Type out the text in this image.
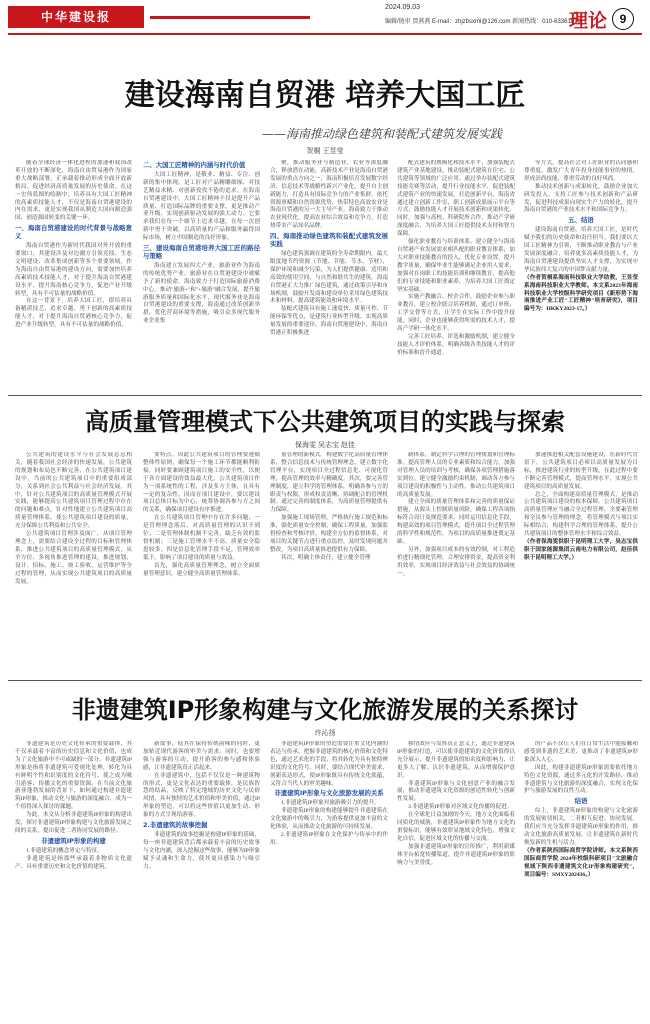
中华建设报
2024.09.03
编辑/链审 贾燕燕 E-mail：zhjzbsxml@126.com 新闻热线：010-63361819
理论	9
建设海南自贸港 培养大国工匠
——海南推动绿色建筑和装配式建筑发展实践
贺桐 王昱莹

随着全球经济一体化进程的加速和我国改革开放的不断深化，海南自由贸易港作为国家重大战略部署，正承载着推动形成全面开放新格局、促进经济高质量发展的历史使命。在这一宏伟蓝图的绘制中，培养具有大国工匠精神的高素质技能人才，不仅是海南自贸港建设的内在需求，更是实现我国从制造大国向制造强国、创造强国转变的关键一环。

一、海南自贸港建设的时代背景与战略意义

海南自贸港作为新时代我国对外开放的重要窗口，其建设涉及对边疆方引领竞技、生态文明建设、改革集成创新等多个重要领域。作为海南自由贸易港的建设方向，需要加快培养高素质技术技能人才，对于提升海南自贸港建设水平、提升海南核心竞争力，促进产业升级转型，具有不可估量的战略价值。

在这一背景下，培养大国工匠，即培养具备精湛技艺、追求卓越、勇于创新的高素质技能人才，对于提升海南自贸港核心竞争力，促进产业升级转型，具有不可估量的战略价值。

二、大国工匠精神的内涵与时代价值

大国工匠精神，是敬业、精益、专注、创新的集中体现，是工匠对产品精雕细琢、对技艺精益求精、对创新孜孜不倦的追求。在海南自贸港建设中，大国工匠精神不仅是提升产品质量、打造国际品牌的重要支撑，更是推动产业升级、实现创新驱动发展的强大动力。它要求我们在每一个细节上追求卓越，在每一次创新中勇于突破，以高质量的产品和服务赢得国际市场，树立中国制造的良好形象。

三、建设海南自贸港培养大国工匠的路径与策略

海南建立发展四大产业，旅游业作为海南的传统优势产业，旅游业在自贸港建设中被赋予了新的使命。海南致力于打造国际旅游消费中心，推动"旅游+"和"+旅游"融合发展，提升旅游服务质量和国际化水平，现代服务业是海南自贸港建设的重要支撑，海南通过改革创新举措，优化营商环境等措施，吸引众多现代服务业企业集

聚，推动服务业与制造业、农业等深度融合，释放潜在动能。高新技术产业是海南自贸港发展的重点方向之一，海南积极培育发展数字经济、信息技术等战略性新兴产业化，提升自主创新能力，打造具有国际竞争力的产业集群。依托资源禀赋和自然资源优势，热带特色高效农业是海南自贸港的另一大主导产业。海南致力于推动农业现代化，提高农业综合效益和竞争力，打造热带农产品知名品牌。

四、海南推动绿色建筑和装配式建筑发展实践

绿色建筑强调在建筑的全寿命期限内，最大限度地节约资源（节地、节能、节水、节材），保护环境和减少污染，为人们提供健康、适用和高效的使用空间，与自然和谐共生的建筑。海南自贸港正大力推广绿色建筑，通过政策引导和市场机制，鼓励开发商和建设单位采用绿色建筑技术和材料，提高建筑能效和环境水平。

装配式建筑具有施工速度快、质量可控、节能环保等优点，是建筑行业转型升级、实现高质量发展的重要途径。海南自贸港建设中，海南自贸港正积极推进

配式建筑的规模化和技术水平，加强装配式建筑产业基地建设，推动装配式建筑在住宅、公共建筑等领域的广泛应用。通过举办装配式建筑技能竞赛等活动，提升行业技能水平，促进装配式建筑产业的快速发展。打造创新平台，海南省通过建立创新工作室，职工创新成果展示平台等方式，鼓励技能人才开展技术创新和成果转化，同时，加强与高校、科研院所合作，推动产学研深度融合，为培养大国工匠提供技术支持和智力保障。

强化职业教育与培训体系。建立健全与海南自贸港产业发展需求相匹配的职业教育体系，加大对职业技能教育的投入，优化专业设置，提升教学质量，确保毕业生能够满足企业用人需求，加强对在岗职工的技能培训和继续教育，提高他们的专业技能和职业素养，为培养大国工匠奠定坚实基础。

实施产教融合、校企合作，鼓励企业参与职业教育，建立校企联合培养机制，通过订单班、工学交替等方式，让学生在实际工作中提升技能，同时，企业也能够获得所需的技术人才，提高产学研一体化水平。

完善工匠培养、评选和激励机制，建立健全技能人才评价体系，明确各级各类技能人才的评价标准和晋升通道。

等方式，提高社会对工匠职业的认同感和尊重度，激发广大青年投身技能事业的热情，形成崇尚技能、尊重劳动的良好风尚。

推动技术创新与成果转化，鼓励企业加大研发投入，支持工匠参与技术创新和产品研发，促进科技成果向现实生产力的转化，提升海南自贸港的产业技术水平和国际竞争力。

五、结语

建设海南自贸港，培养大国工匠，是时代赋予我们的历史使命和责任担当。我们要以大国工匠精神为引领，不断推动职业教育与产业发展深度融合，培养更多高素质技能人才，为海南自贸港建设提供坚实人才支撑，为实现中华民族伟大复兴的中国梦贡献力量。

（作者贺桐系海南科技职业大学助教，王昱莹系海南科技职业大学教师。本文系2023年海南科技职业大学校级科学研究项目《新形势下海南推进产业工匠"工匠精神"培育研究》，项目编号为：HKKY2023-17。）

高质量管理模式下公共建筑项目的实践与探索
保海雯 吴志宝 赵佳

公共建筑的建设水平与社会发展息息相关，随着我国社会经济的快速发展，公共建筑的规划和布局也不断完善，在公共建筑项目建设中，当前的公共建筑项目中的重要组成部分，关系到社会公共利益与社会经济发展。其中，针对公共建筑项目的高质量管理模式开展实践，能够提高公共建筑项目管理过程中存在的问题和难点，针对性地建立公共建筑项目高质量管理体系，使公共建筑项目建设的质量，充分保障公共利益和公共安全。

公共建筑项目管理涉及面广，从项目管理理念上，需要结合建设全过程的目标和管理体系，推进公共建筑项目的高质量管理模式，从全方位、多视角推进管理的建设，推进规划、设计、招标、施工、竣工验收、运营维护等全过程的管理，从而实现公共建筑项目的高质量发展。

要特点。因此公共建筑项目的管理要遵循整体性原则，确保每一个施工环节都能顺利衔接，同时要兼顾建筑项目施工的安全性，以便于各方面建设的效益最大化。公共建筑项目作为一项系统性的工程，涉及多方主体，且具有一定的复杂性，因而在项目建设中，要以建设项目总体目标为中心，统筹协调各参与方之间的关系，确保项目建设有序推进。

在公共建筑项目管理中存在许多问题，一是管理理念落后，对高质量管理的认识不到位；二是管理体制机制不完善，缺乏有效的监督机制；三是施工管理水平不高，质量安全隐患较多；四是信息化管理手段不足，管理效率低下，影响了项目建设的质量与效益。

首先，强化高质量管理理念，树立全面质量管理意识，建立健全高质量管理体系。

量管理的新模式。构建数字化高质量管理体系，整合信息技术与传统管理理念，建立数字化管理平台，实现项目全过程信息化、可视化管理，提高管理的效率与精确度。其次，要完善管理制度，建立科学的管理体系，明确各参与方的职责与权限，形成权责清晰、协调配合的管理机制。通过完善的制度体系，为高质量管理提供有力保障。

加强施工现场管理，严格执行施工规范和标准，强化质量安全控制，确保工程质量。加强监督检查和考核评价，构建全方位的监督体系，对项目的关键节点进行重点监控，及时发现问题并整改，为项目高质量推进提供有力保障。

其次，明确主体责任，建立健全管理

制体系。制定科学合理的管理规划和管理标准。提高管理人员的专业素质和综合能力，加强对管理人员的培训与考核，确保各项管理措施落实到位。建立健全激励约束机制，调动各方参与项目建设的积极性与主动性，推动公共建筑项目的高质量发展。

建立全面的质量管理体系和完善的质量保证措施，从源头上控制质量风险，确保工程各项指标符合设计及规范要求。同时运用信息化手段，构建高效的项目管理模式，提升项目全过程管理的科学性和规范性，为项目的高质量推进奠定基础。

另外，加强项目成本的有效控制，对工程造价进行精细化管理，合理安排资金，提高资金利用效率，实现项目经济效益与社会效益的协调统一。

加速推进相关配套设施建设，在新时代背景下，公共建筑项目必须以高质量发展为目标，推进建筑行业的转型升级，在此过程中要不断完善管理模式，提高管理水平，实现公共建筑项目的高质量发展。

总之，全面构建高质量管理模式，是推动公共建筑项目建设的根本保障。公共建筑项目高质量管理应当融合全过程管理、全要素管理和全员参与管理的理念，将管理模式与项目实际相结合，构建科学合理的管理体系，提升公共建筑项目的整体管理水平和综合效益。

（作者保海雯供职于昆明理工大学，吴志宝供职于国家能源集团云南电力有限公司，赵佳供职于昆明理工大学。）

非遗建筑IP形象构建与文化旅游发展的关系探讨
许沁扬

非遗建筑是历史文化传承的重要载体，其不仅承载着丰富的历史信息和文化价值，也成为了文化旅游中不可或缺的一部分。非遗建筑IP形象是指将非遗建筑可爱视化处理，转化为具有鲜明个性和识别度的文化符号，使之成为吸引游客、传播文化的重要资源。在当前文化旅游业蓬勃发展的背景下，如何通过构建非遗建筑IP形象，推动文化与旅游的深度融合，成为一个值得深入探讨的课题。

为此，本文从分析非遗建筑IP形象的构建出发，探讨非遗建筑IP形象构建与文化旅游发展之间的关系，提出促进二者协同发展的路径。

非遗建筑IP形象的构建

1.非遗建筑的概念界定与特征。

非遗建筑是指那些承载着非物质文化遗产、具有重要历史和文化价值的建筑。

新故事，使其在保持传统韵味的同时，更加贴近现代游客的审美与需求。同时，也要增强与游客的互动，提升游客的参与感和体验感，让非遗建筑真正活起来。

在非遗建筑中，包括不仅仅是一种建筑物的形式，更是文化表达的重要载体，是民族智慧的结晶，反映了特定地域的历史文化与民俗风情，具有独特的艺术价值和审美价值，通过IP形象的塑造，可以将这些价值以更加生动、形象的方式呈现给游客。

2.非遗建筑的故事挖掘

非遗建筑的故事挖掘是构建IP形象的基础，每一座非遗建筑背后都承载着丰富的历史故事与文化内涵，深入挖掘这些故事，能够为IP形象赋予灵魂和生命力，使其更具感染力与吸引力。

非遗建筑IP形象的塑造需要注重文化内涵的表达与传承，把握非遗建筑的核心价值和文化特色，通过艺术化的手段，将其转化为具有独特辨识度的文化符号。同时，要结合现代审美需求，创新表达形式，使IP形象既具有传统文化底蕴，又符合当代人的审美趣味。

非遗建筑IP形象与文化旅游发展的关系

1.非遗建筑IP形象对旅游吸引力的提升。

非遗建筑IP形象的构建能够提升非遗建筑在文化旅游中的吸引力，为游客提供更加丰富的文化体验，从而推动文化旅游的可持续发展。

2.非遗建筑IP形象在文化保护与传承中的作用。

移情效应与发挥真正意义上，通过非遗建筑IP形象的打造，可以使非遗建筑的文化价值得以充分展示，提升非遗建筑的知名度和影响力，让更多人了解、认识非遗建筑，从而增强保护意识。

非遗建筑IP形象与文化创意产业的融合发展，推动非遗建筑文化资源的创造性转化与创新性发展。

3.非遗建筑IP形象对区域文化传播的促进。

在全球化日益加剧的今天，地方文化面临着同质化的威胁，非遗建筑IP形象作为地方文化的重要标识，能够有效彰显地域文化特色，增强文化自信，促进区域文化的传播与交流。

加强非遗建筑IP形象的宣传推广，利用新媒体平台拓宽传播渠道，提升非遗建筑IP形象的影响力与美誉度。

的产品不仅让人们在日常生活中能接触和感受到非遗的艺术美，更推动了非遗建筑IP形象深入人心。

因此，构建非遗建筑IP形象需要依托地方特色文化资源，通过多元化的开发路径，推动非遗建筑与文化旅游的深度融合，实现文化保护与旅游发展的良性互动。

结语

综上，非遗建筑IP形象的构建与文化旅游的发展密切相关，二者相互促进、协同发展。我们应当充分发挥非遗建筑IP形象的作用，推动文化旅游高质量发展，让非遗建筑在新时代焕发新的生机与活力。

（作者系陕西国际商贸学院讲师。本文系陕西国际商贸学院 2024年校级科研项目"文旅融合视域下陕西非遗建筑文化IP形象构建研究"，项目编号：SMXY202436。）
